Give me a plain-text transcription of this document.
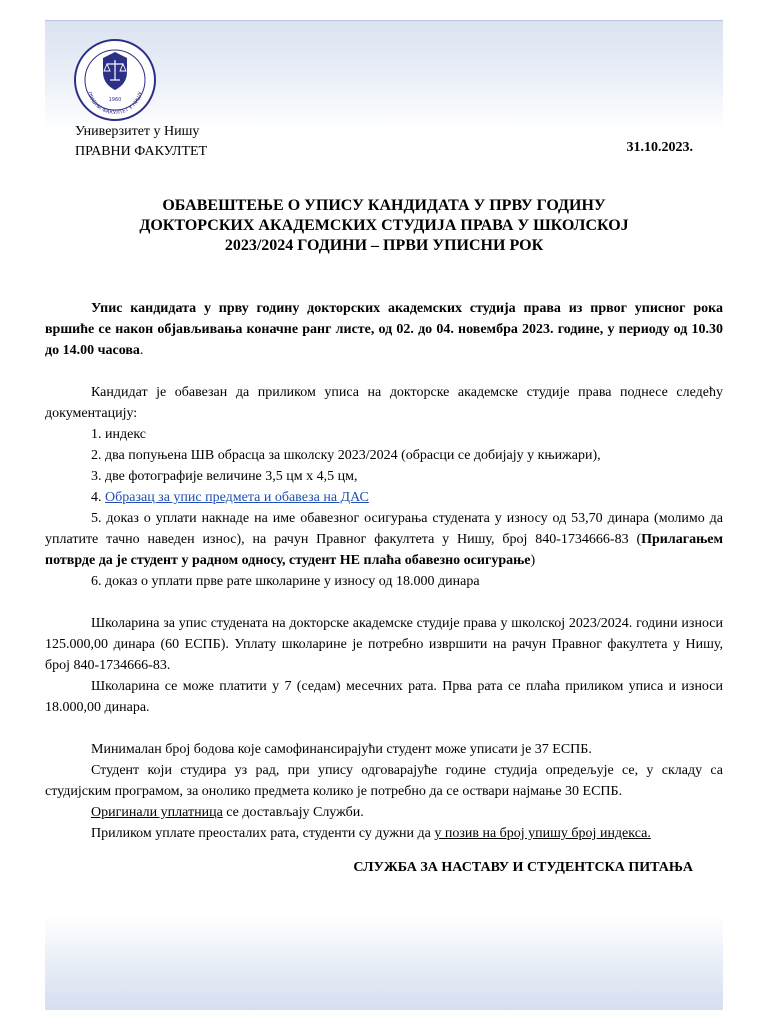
ПРАВНИ ФАКУЛТЕТ У НИШУ
1960
Универзитет у Нишу
ПРАВНИ ФАКУЛТЕТ	31.10.2023.
ОБАВЕШТЕЊЕ О УПИСУ КАНДИДАТА У ПРВУ ГОДИНУ
ДОКТОРСКИХ АКАДЕМСКИХ СТУДИЈА ПРАВА У ШКОЛСКОЈ
2023/2024 ГОДИНИ – ПРВИ УПИСНИ РОК

Упис кандидата у прву годину докторских академских студија права из првог уписног рока вршиће се након објављивања коначне ранг листе, од 02. до 04. новембра 2023. године, у периоду од 10.30 до 14.00 часова.

Кандидат је обавезан да приликом уписа на докторске академске студије права поднесе следећу документацију:

1. индекс

2. два попуњена ШВ обрасца за школску 2023/2024 (обрасци се добијају у књижари),

3. две фотографије величине 3,5 цм x 4,5 цм,

4. Образац за упис предмета и обавеза на ДАС

5. доказ о уплати накнаде на име обавезног осигурања студената у износу од 53,70 динара (молимо да уплатите тачно наведен износ), на рачун Правног факултета у Нишу, број 840-1734666-83 (Прилагањем потврде да је студент у радном односу, студент НЕ плаћа обавезно осигурање)

6. доказ о уплати прве рате школарине у износу од 18.000 динара

Школарина за упис студената на докторске академске студије права у школској 2023/2024. години износи 125.000,00 динара (60 ЕСПБ). Уплату школарине је потребно извршити на рачун Правног факултета у Нишу, број 840-1734666-83.

Школарина се може платити у 7 (седам) месечних рата. Прва рата се плаћа приликом уписа и износи 18.000,00 динара.

Минималан број бодова које самофинансирајући студент може уписати је 37 ЕСПБ.

Студент који студира уз рад, при упису одговарајуће године студија опредељује се, у складу са студијским програмом, за онолико предмета колико је потребно да се оствари најмање 30 ЕСПБ.

Оригинали уплатница се достављају Служби.

Приликом уплате преосталих рата, студенти су дужни да у позив на број упишу број индекса.

СЛУЖБА ЗА НАСТАВУ И СТУДЕНТСКА ПИТАЊА
